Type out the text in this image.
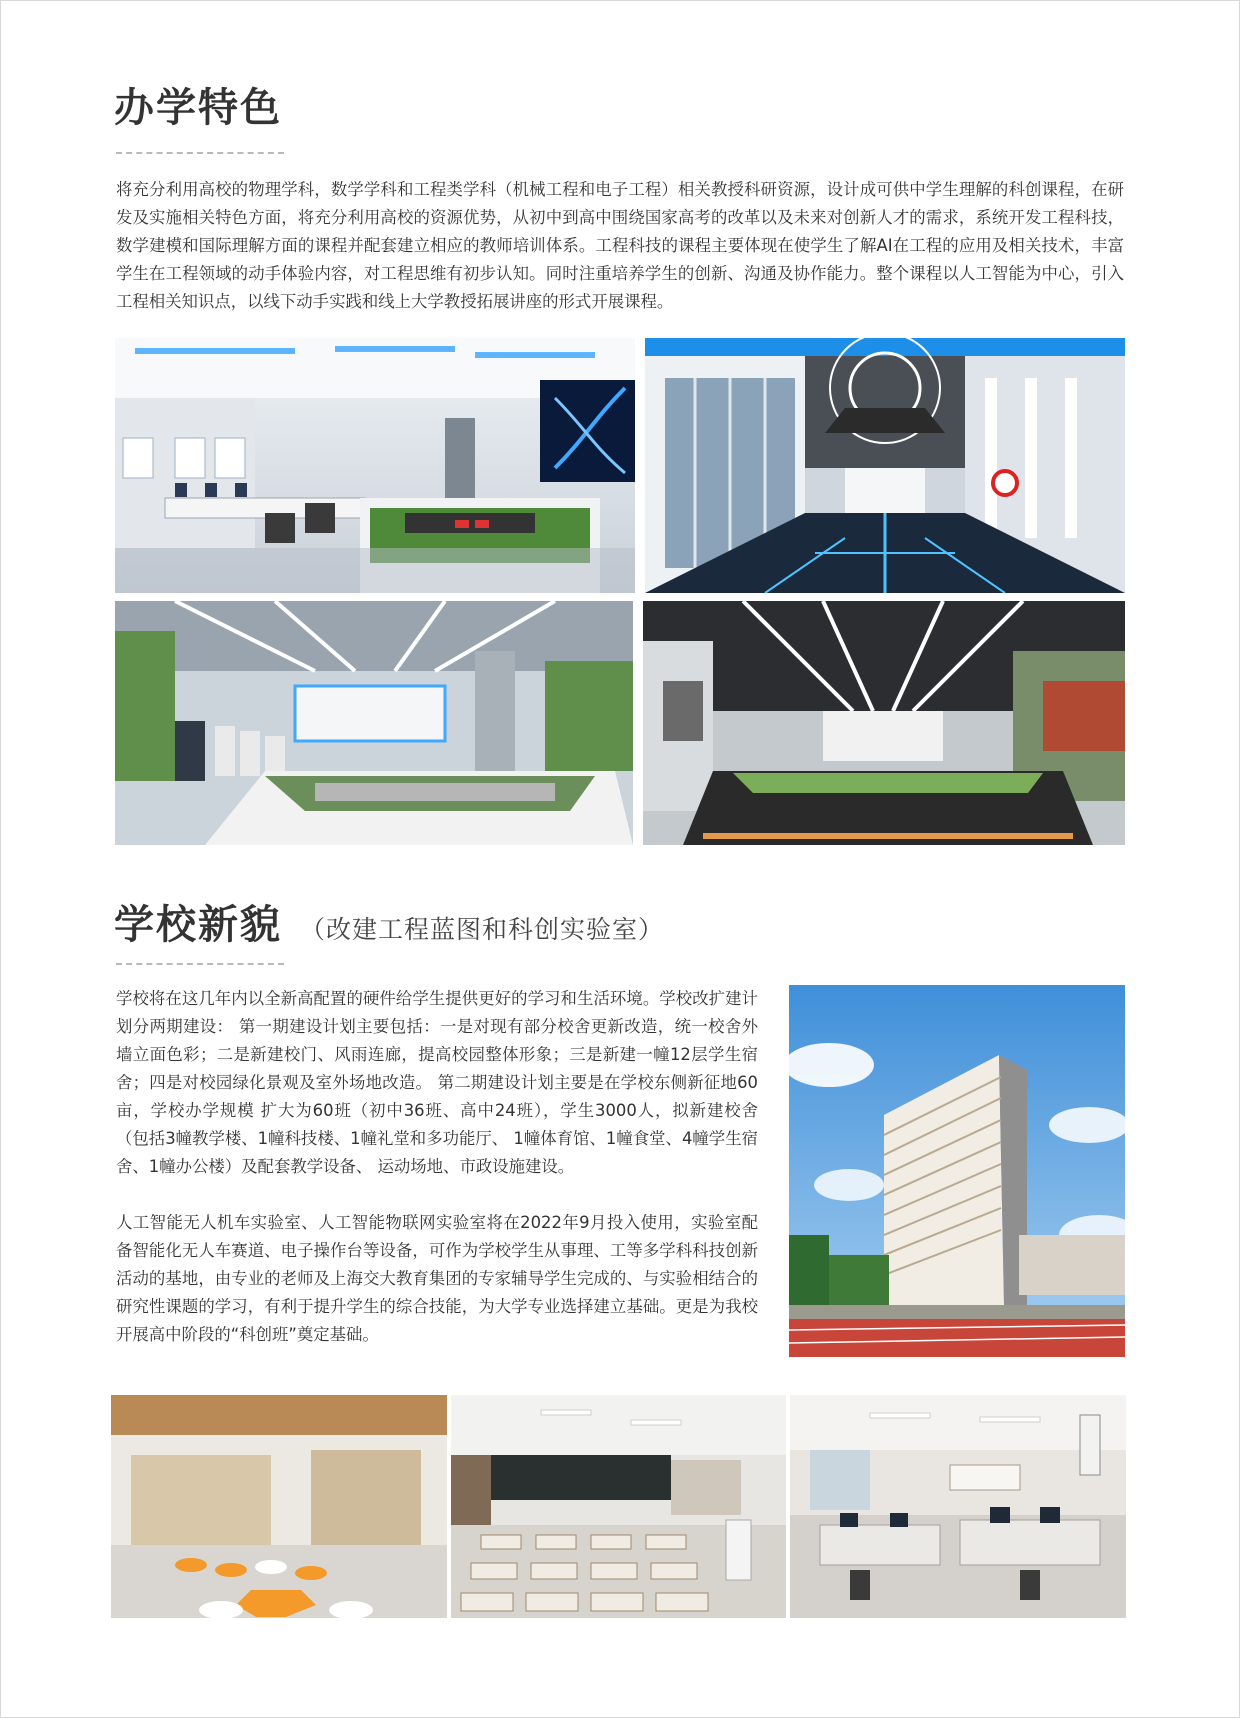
办学特色

将充分利用高校的物理学科，数学学科和工程类学科（机械工程和电子工程）相关教授科研资源，设计成可供中学生理解的科创课程，在研发及实施相关特色方面，将充分利用高校的资源优势，从初中到高中围绕国家高考的改革以及未来对创新人才的需求，系统开发工程科技，数学建模和国际理解方面的课程并配套建立相应的教师培训体系。工程科技的课程主要体现在使学生了解AI在工程的应用及相关技术，丰富学生在工程领域的动手体验内容，对工程思维有初步认知。同时注重培养学生的创新、沟通及协作能力。整个课程以人工智能为中心，引入工程相关知识点，以线下动手实践和线上大学教授拓展讲座的形式开展课程。

学校新貌 （改建工程蓝图和科创实验室）

学校将在这几年内以全新高配置的硬件给学生提供更好的学习和生活环境。学校改扩建计划分两期建设： 第一期建设计划主要包括：一是对现有部分校舍更新改造，统一校舍外墙立面色彩；二是新建校门、风雨连廊，提高校园整体形象；三是新建一幢12层学生宿舍；四是对校园绿化景观及室外场地改造。 第二期建设计划主要是在学校东侧新征地60亩，学校办学规模 扩大为60班（初中36班、高中24班），学生3000人，拟新建校舍（包括3幢教学楼、1幢科技楼、1幢礼堂和多功能厅、 1幢体育馆、1幢食堂、4幢学生宿舍、1幢办公楼）及配套教学设备、 运动场地、市政设施建设。

人工智能无人机车实验室、人工智能物联网实验室将在2022年9月投入使用，实验室配备智能化无人车赛道、电子操作台等设备，可作为学校学生从事理、工等多学科科技创新活动的基地，由专业的老师及上海交大教育集团的专家辅导学生完成的、与实验相结合的研究性课题的学习，有利于提升学生的综合技能，为大学专业选择建立基础。更是为我校开展高中阶段的“科创班”奠定基础。
